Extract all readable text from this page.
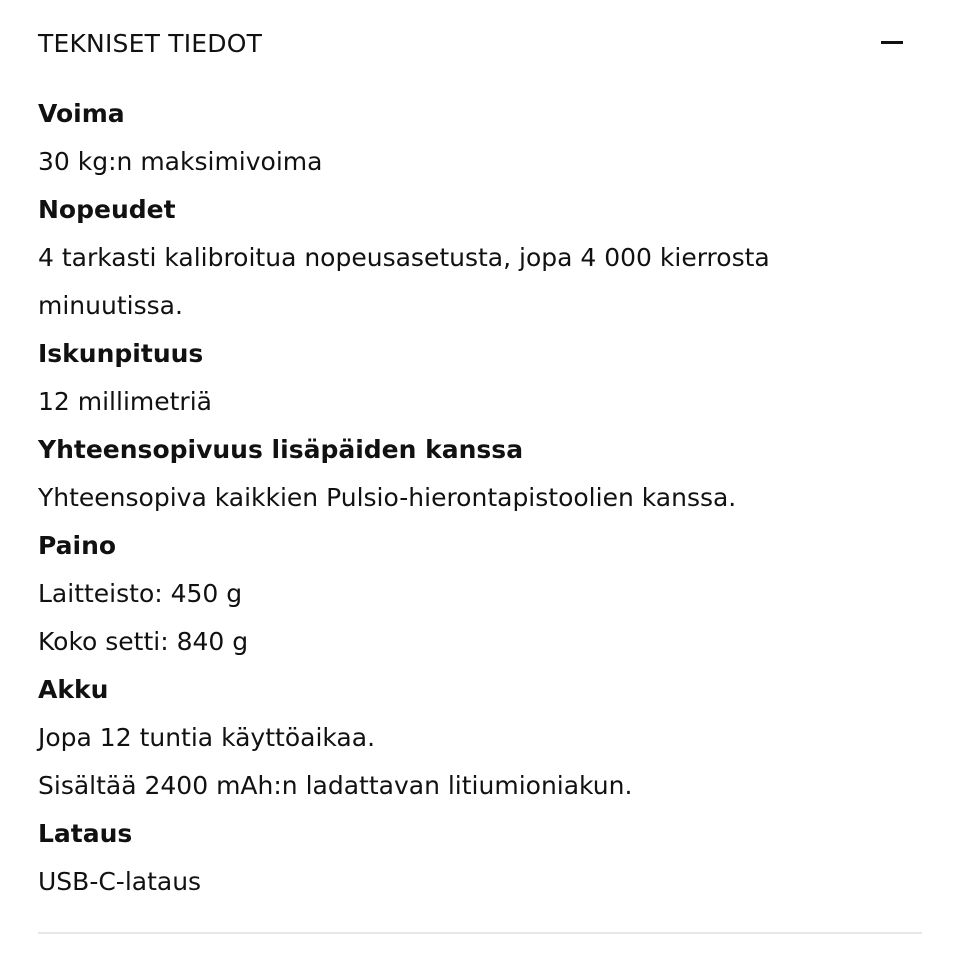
TEKNISET TIEDOT

Voima

30 kg:n maksimivoima

Nopeudet

4 tarkasti kalibroitua nopeusasetusta, jopa 4 000 kierrosta

minuutissa.

Iskunpituus

12 millimetriä

Yhteensopivuus lisäpäiden kanssa

Yhteensopiva kaikkien Pulsio-hierontapistoolien kanssa.

Paino

Laitteisto: 450 g

Koko setti: 840 g

Akku

Jopa 12 tuntia käyttöaikaa.

Sisältää 2400 mAh:n ladattavan litiumioniakun.

Lataus

USB-C-lataus
